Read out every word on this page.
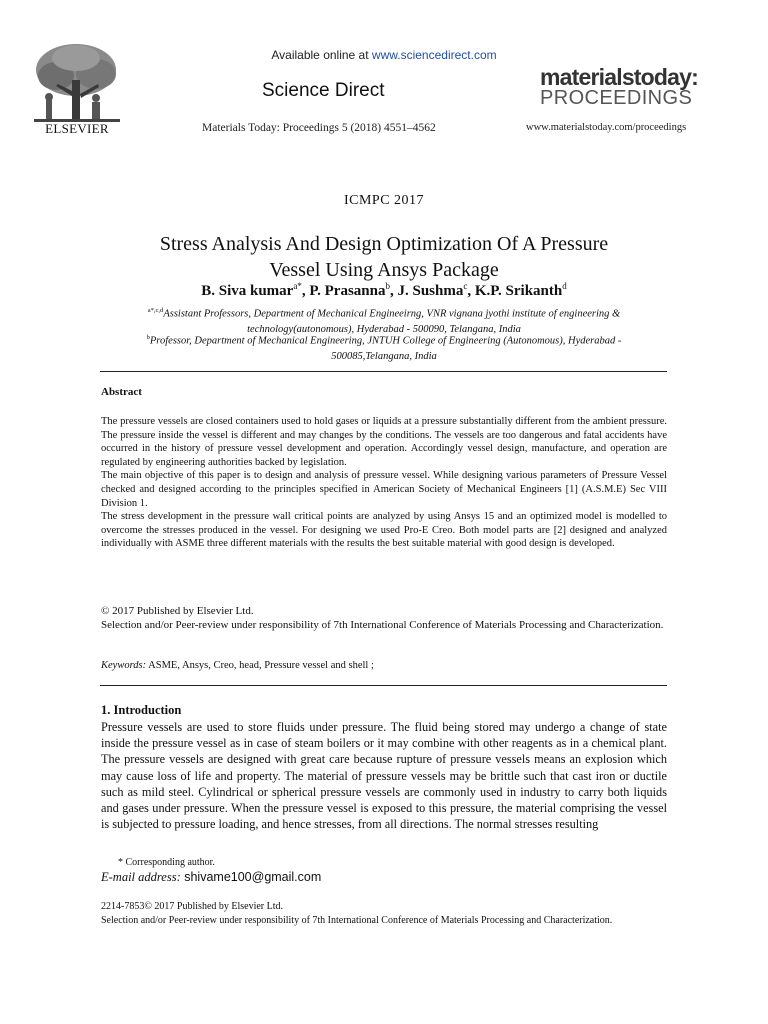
ELSEVIER
Available online at www.sciencedirect.com
Science Direct
Materials Today: Proceedings 5 (2018) 4551–4562
materialstoday:
PROCEEDINGS
www.materialstoday.com/proceedings
ICMPC 2017
Stress Analysis And Design Optimization Of A Pressure
Vessel Using Ansys Package
B. Siva kumar$^{a*}$, P. Prasanna$^b$, J. Sushma$^c$, K.P. Srikanth$^d$
$^{a*,c,d}$Assistant Professors, Department of Mechanical Engineeirng, VNR vignana jyothi institute of engineering &
technology(autonomous), Hyderabad - 500090, Telangana, India
$^b$Professor, Department of Mechanical Engineering, JNTUH College of Engineering (Autonomous), Hyderabad -
500085,Telangana, India
Abstract

The pressure vessels are closed containers used to hold gases or liquids at a pressure substantially different from the ambient pressure. The pressure inside the vessel is different and may changes by the conditions. The vessels are too dangerous and fatal accidents have occurred in the history of pressure vessel development and operation. Accordingly vessel design, manufacture, and operation are regulated by engineering authorities backed by legislation.

The main objective of this paper is to design and analysis of pressure vessel. While designing various parameters of Pressure Vessel checked and designed according to the principles specified in American Society of Mechanical Engineers [1] (A.S.M.E) Sec VIII Division 1.

The stress development in the pressure wall critical points are analyzed by using Ansys 15 and an optimized model is modelled to overcome the stresses produced in the vessel. For designing we used Pro-E Creo. Both model parts are [2] designed and analyzed individually with ASME three different materials with the results the best suitable material with good design is developed.

© 2017 Published by Elsevier Ltd.
Selection and/or Peer-review under responsibility of 7th International Conference of Materials Processing and Characterization.
Keywords: ASME, Ansys, Creo, head, Pressure vessel and shell ;
1. Introduction
Pressure vessels are used to store fluids under pressure. The fluid being stored may undergo a change of state inside the pressure vessel as in case of steam boilers or it may combine with other reagents as in a chemical plant. The pressure vessels are designed with great care because rupture of pressure vessels means an explosion which may cause loss of life and property. The material of pressure vessels may be brittle such that cast iron or ductile such as mild steel. Cylindrical or spherical pressure vessels are commonly used in industry to carry both liquids and gases under pressure. When the pressure vessel is exposed to this pressure, the material comprising the vessel is subjected to pressure loading, and hence stresses, from all directions. The normal stresses resulting
* Corresponding author.
E-mail address: shivame100@gmail.com
2214-7853© 2017 Published by Elsevier Ltd.
Selection and/or Peer-review under responsibility of 7th International Conference of Materials Processing and Characterization.
